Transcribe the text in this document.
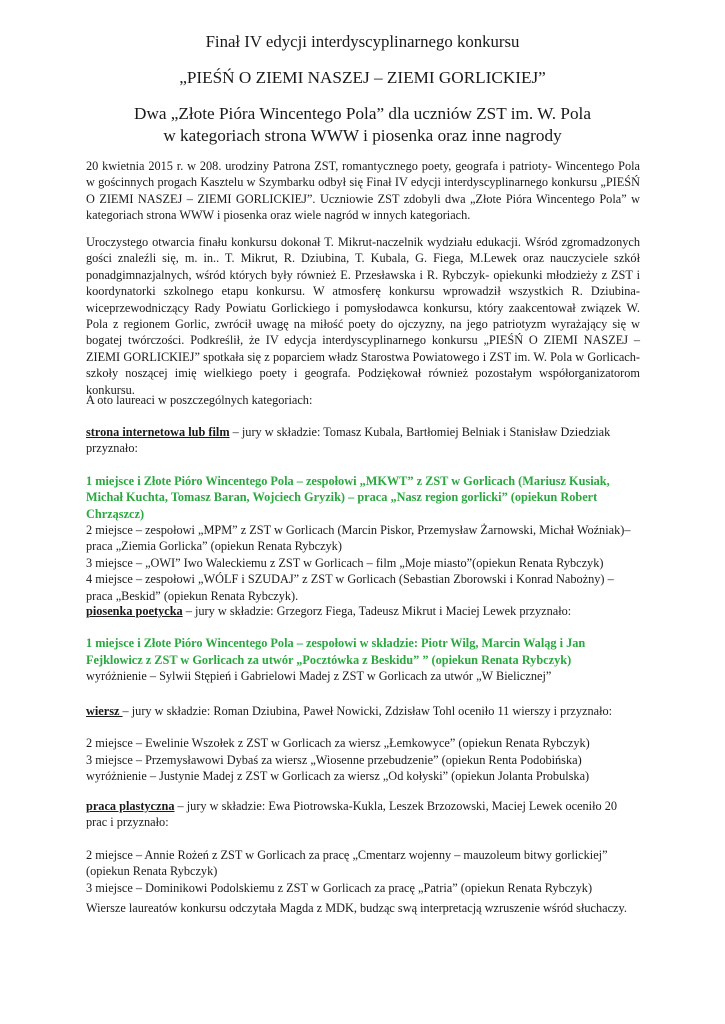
Finał IV edycji interdyscyplinarnego konkursu
„PIEŚŃ O ZIEMI NASZEJ – ZIEMI GORLICKIEJ”
Dwa „Złote Pióra Wincentego Pola” dla uczniów ZST im. W. Pola
w kategoriach strona WWW i piosenka oraz inne nagrody

20 kwietnia 2015 r. w 208. urodziny Patrona ZST, romantycznego poety, geografa i patrioty- Wincentego Pola w gościnnych progach Kasztelu w Szymbarku odbył się Finał IV edycji interdyscyplinarnego konkursu „PIEŚŃ O ZIEMI NASZEJ – ZIEMI GORLICKIEJ”. Uczniowie ZST zdobyli dwa „Złote Pióra Wincentego Pola” w kategoriach strona WWW i piosenka oraz wiele nagród w innych kategoriach.

Uroczystego otwarcia finału konkursu dokonał T. Mikrut-naczelnik wydziału edukacji. Wśród zgromadzonych gości znaleźli się, m. in.. T. Mikrut, R. Dziubina, T. Kubala, G. Fiega, M.Lewek oraz nauczyciele szkół ponadgimnazjalnych, wśród których były również E. Przesławska i R. Rybczyk- opiekunki młodzieży z ZST i koordynatorki szkolnego etapu konkursu. W atmosferę konkursu wprowadził wszystkich R. Dziubina-wiceprzewodniczący Rady Powiatu Gorlickiego i pomysłodawca konkursu, który zaakcentował związek W. Pola z regionem Gorlic, zwrócił uwagę na miłość poety do ojczyzny, na jego patriotyzm wyrażający się w bogatej twórczości. Podkreślił, że IV edycja interdyscyplinarnego konkursu „PIEŚŃ O ZIEMI NASZEJ – ZIEMI GORLICKIEJ” spotkała się z poparciem władz Starostwa Powiatowego i ZST im. W. Pola w Gorlicach- szkoły noszącej imię wielkiego poety i geografa. Podziękował również pozostałym współorganizatorom konkursu.

A oto laureaci w poszczególnych kategoriach:

strona internetowa lub film – jury w składzie: Tomasz Kubala, Bartłomiej Belniak i Stanisław Dziedziak przyznało:

1 miejsce i Złote Pióro Wincentego Pola – zespołowi „MKWT” z ZST w Gorlicach (Mariusz Kusiak, Michał Kuchta, Tomasz Baran, Wojciech Gryzik) – praca „Nasz region gorlicki” (opiekun Robert Chrząszcz)

2 miejsce – zespołowi „MPM” z ZST w Gorlicach (Marcin Piskor, Przemysław Żarnowski, Michał Woźniak)– praca „Ziemia Gorlicka” (opiekun Renata Rybczyk)

3 miejsce – „OWI” Iwo Waleckiemu z ZST w Gorlicach – film „Moje miasto”(opiekun Renata Rybczyk)

4 miejsce – zespołowi „WÓLF i SZUDAJ” z ZST w Gorlicach (Sebastian Zborowski i Konrad Nabożny) – praca „Beskid” (opiekun Renata Rybczyk).

piosenka poetycka – jury w składzie: Grzegorz Fiega, Tadeusz Mikrut i Maciej Lewek przyznało:

1 miejsce i Złote Pióro Wincentego Pola – zespołowi w składzie: Piotr Wilg, Marcin Waląg i Jan Fejklowicz z ZST w Gorlicach za utwór „Pocztówka z Beskidu” ” (opiekun Renata Rybczyk)

wyróżnienie – Sylwii Stępień i Gabrielowi Madej z ZST w Gorlicach za utwór „W Bielicznej”

wiersz – jury w składzie: Roman Dziubina, Paweł Nowicki, Zdzisław Tohl oceniło 11 wierszy i przyznało:

2 miejsce – Ewelinie Wszołek z ZST w Gorlicach za wiersz „Łemkowyce” (opiekun Renata Rybczyk)

3 miejsce – Przemysławowi Dybaś za wiersz „Wiosenne przebudzenie” (opiekun Renta Podobińska)

wyróżnienie – Justynie Madej z ZST w Gorlicach za wiersz „Od kołyski” (opiekun Jolanta Probulska)

praca plastyczna – jury w składzie: Ewa Piotrowska-Kukla, Leszek Brzozowski, Maciej Lewek oceniło 20 prac i przyznało:

2 miejsce – Annie Rożeń z ZST w Gorlicach za pracę „Cmentarz wojenny – mauzoleum bitwy gorlickiej” (opiekun Renata Rybczyk)

3 miejsce – Dominikowi Podolskiemu z ZST w Gorlicach za pracę „Patria” (opiekun Renata Rybczyk)

Wiersze laureatów konkursu odczytała Magda z MDK, budząc swą interpretacją wzruszenie wśród słuchaczy.
